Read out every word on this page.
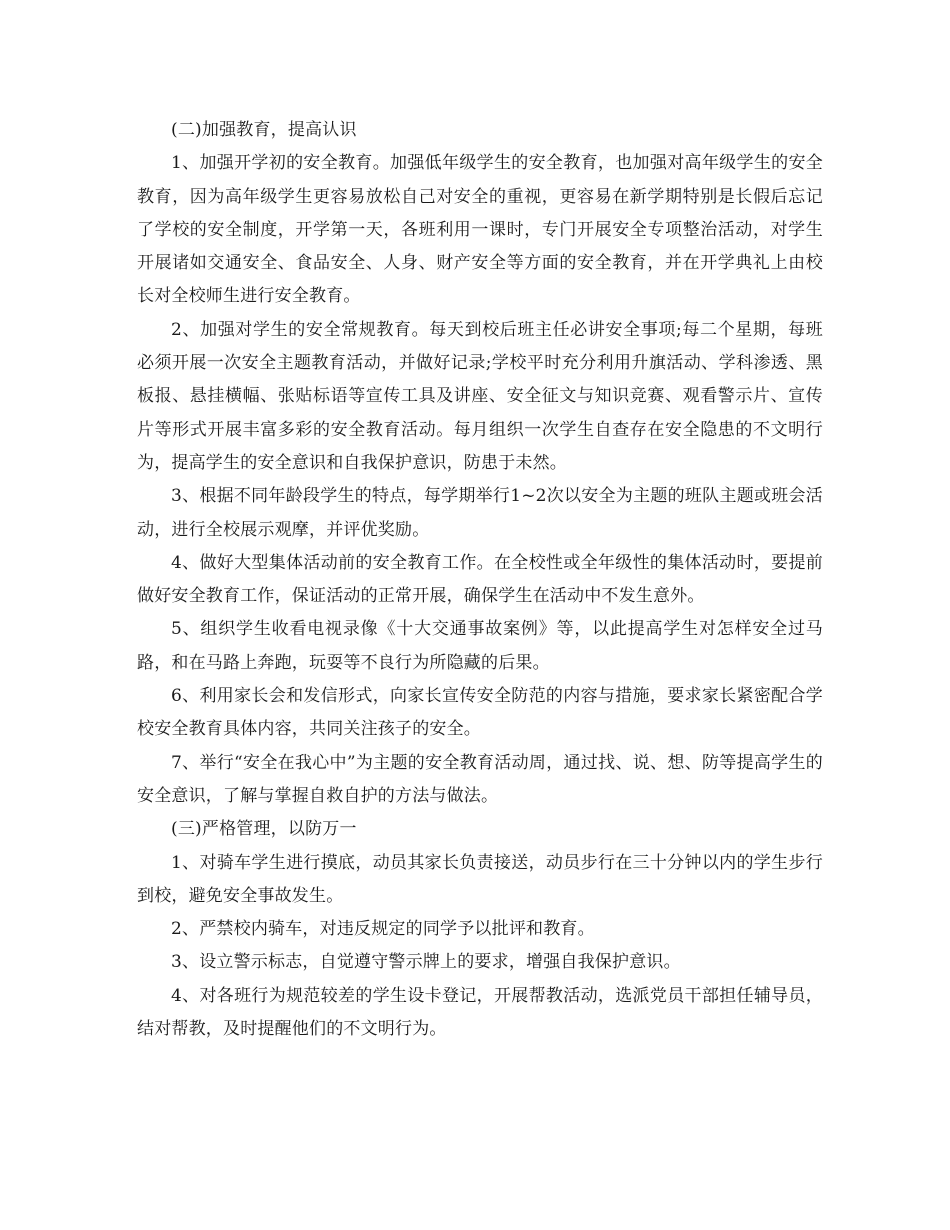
(二)加强教育，提高认识

1、加强开学初的安全教育。加强低年级学生的安全教育，也加强对高年级学生的安全教育，因为高年级学生更容易放松自己对安全的重视，更容易在新学期特别是长假后忘记了学校的安全制度，开学第一天，各班利用一课时，专门开展安全专项整治活动，对学生开展诸如交通安全、食品安全、人身、财产安全等方面的安全教育，并在开学典礼上由校长对全校师生进行安全教育。

2、加强对学生的安全常规教育。每天到校后班主任必讲安全事项;每二个星期，每班必须开展一次安全主题教育活动，并做好记录;学校平时充分利用升旗活动、学科渗透、黑板报、悬挂横幅、张贴标语等宣传工具及讲座、安全征文与知识竞赛、观看警示片、宣传片等形式开展丰富多彩的安全教育活动。每月组织一次学生自查存在安全隐患的不文明行为，提高学生的安全意识和自我保护意识，防患于未然。

3、根据不同年龄段学生的特点，每学期举行1~2次以安全为主题的班队主题或班会活动，进行全校展示观摩，并评优奖励。

4、做好大型集体活动前的安全教育工作。在全校性或全年级性的集体活动时，要提前做好安全教育工作，保证活动的正常开展，确保学生在活动中不发生意外。

5、组织学生收看电视录像《十大交通事故案例》等，以此提高学生对怎样安全过马路，和在马路上奔跑，玩耍等不良行为所隐藏的后果。

6、利用家长会和发信形式，向家长宣传安全防范的内容与措施，要求家长紧密配合学校安全教育具体内容，共同关注孩子的安全。

7、举行“安全在我心中”为主题的安全教育活动周，通过找、说、想、防等提高学生的安全意识，了解与掌握自救自护的方法与做法。

(三)严格管理，以防万一

1、对骑车学生进行摸底，动员其家长负责接送，动员步行在三十分钟以内的学生步行到校，避免安全事故发生。

2、严禁校内骑车，对违反规定的同学予以批评和教育。

3、设立警示标志，自觉遵守警示牌上的要求，增强自我保护意识。

4、对各班行为规范较差的学生设卡登记，开展帮教活动，选派党员干部担任辅导员，结对帮教，及时提醒他们的不文明行为。
